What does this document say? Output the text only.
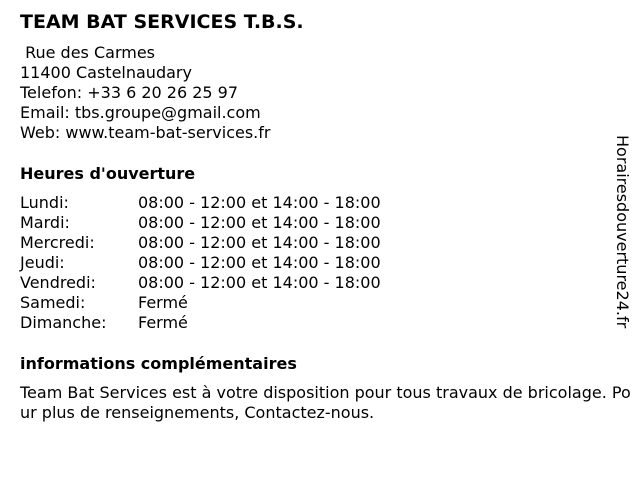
TEAM BAT SERVICES T.B.S.
Rue des Carmes
11400 Castelnaudary
Telefon: +33 6 20 26 25 97
Email: tbs.groupe@gmail.com
Web: www.team-bat-services.fr
Heures d'ouverture
Lundi:	08:00 - 12:00 et 14:00 - 18:00
Mardi:	08:00 - 12:00 et 14:00 - 18:00
Mercredi:	08:00 - 12:00 et 14:00 - 18:00
Jeudi:	08:00 - 12:00 et 14:00 - 18:00
Vendredi:	08:00 - 12:00 et 14:00 - 18:00
Samedi:	Fermé
Dimanche:	Fermé
informations complémentaires
Team Bat Services est à votre disposition pour tous travaux de bricolage. Pour plus de renseignements, Contactez-nous.
Horairesdouverture24.fr
